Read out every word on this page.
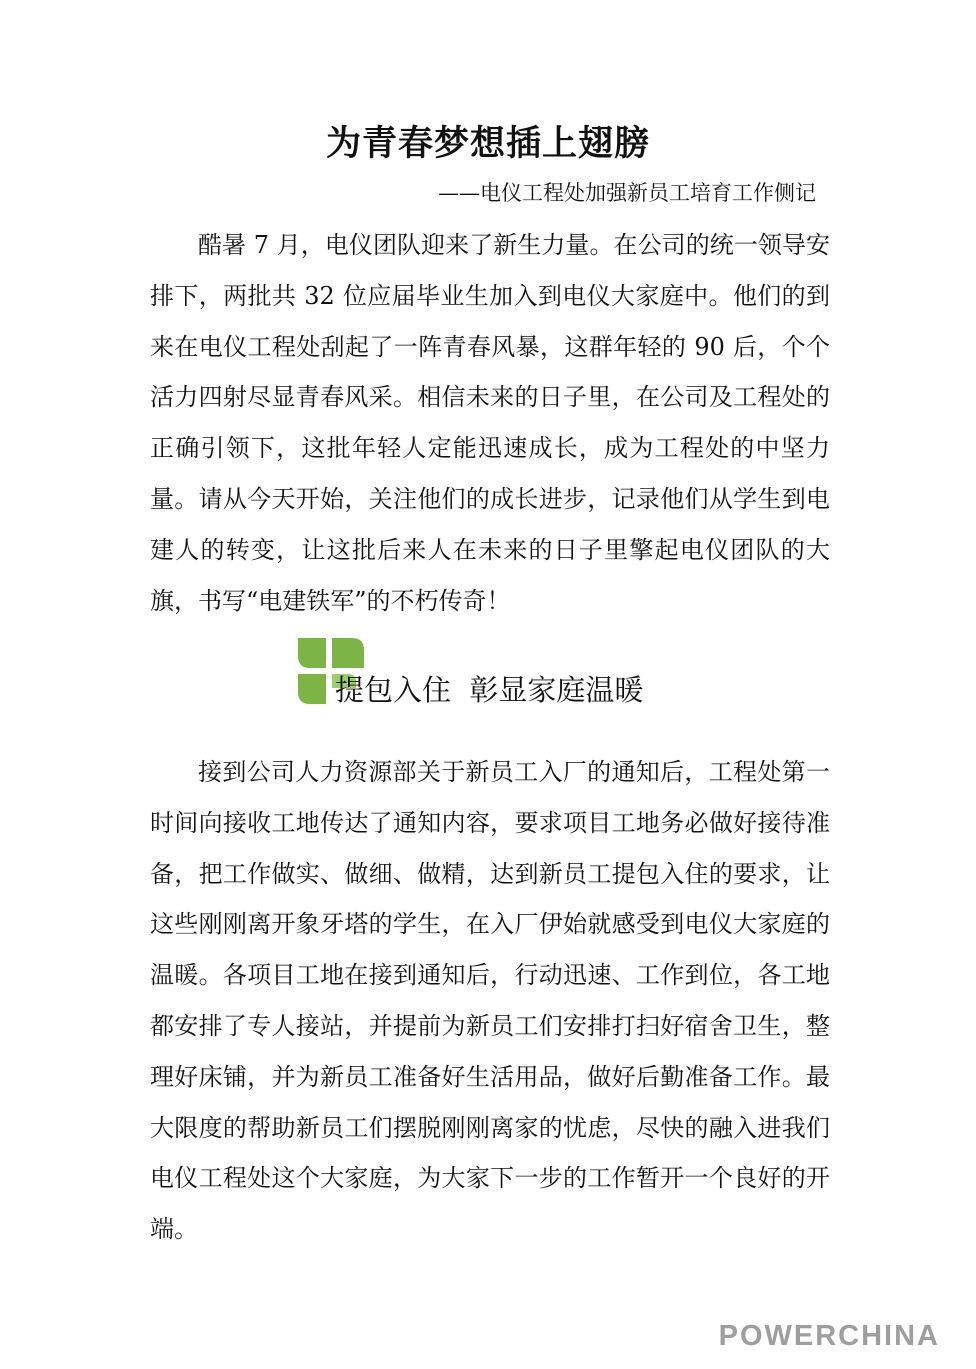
为青春梦想插上翅膀
——电仪工程处加强新员工培育工作侧记

酷暑 7 月，电仪团队迎来了新生力量。在公司的统一领导安排下，两批共 32 位应届毕业生加入到电仪大家庭中。他们的到来在电仪工程处刮起了一阵青春风暴，这群年轻的 90 后，个个活力四射尽显青春风采。相信未来的日子里，在公司及工程处的正确引领下，这批年轻人定能迅速成长，成为工程处的中坚力量。请从今天开始，关注他们的成长进步，记录他们从学生到电建人的转变，让这批后来人在未来的日子里擎起电仪团队的大旗，书写“电建铁军”的不朽传奇！

提包入住  彰显家庭温暖

接到公司人力资源部关于新员工入厂的通知后，工程处第一时间向接收工地传达了通知内容，要求项目工地务必做好接待准备，把工作做实、做细、做精，达到新员工提包入住的要求，让这些刚刚离开象牙塔的学生，在入厂伊始就感受到电仪大家庭的温暖。各项目工地在接到通知后，行动迅速、工作到位，各工地都安排了专人接站，并提前为新员工们安排打扫好宿舍卫生，整理好床铺，并为新员工准备好生活用品，做好后勤准备工作。最大限度的帮助新员工们摆脱刚刚离家的忧虑，尽快的融入进我们电仪工程处这个大家庭，为大家下一步的工作暂开一个良好的开端。

POWERCHINA
